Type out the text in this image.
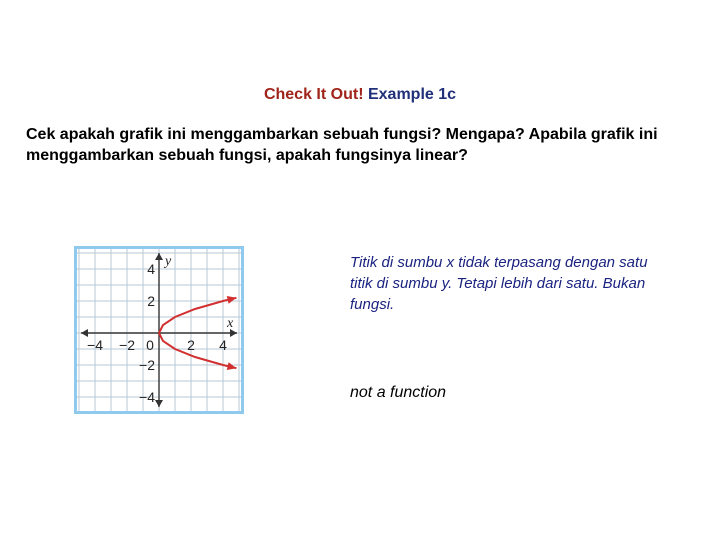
Check It Out! Example 1c
Cek apakah grafik ini menggambarkan sebuah fungsi? Mengapa? Apabila grafik ini menggambarkan sebuah fungsi, apakah fungsinya linear?
x
y
−4 −2 0 2 4
4
2
−2
−4
Titik di sumbu x tidak terpasang dengan satu titik di sumbu y. Tetapi lebih dari satu. Bukan fungsi.
not a function
